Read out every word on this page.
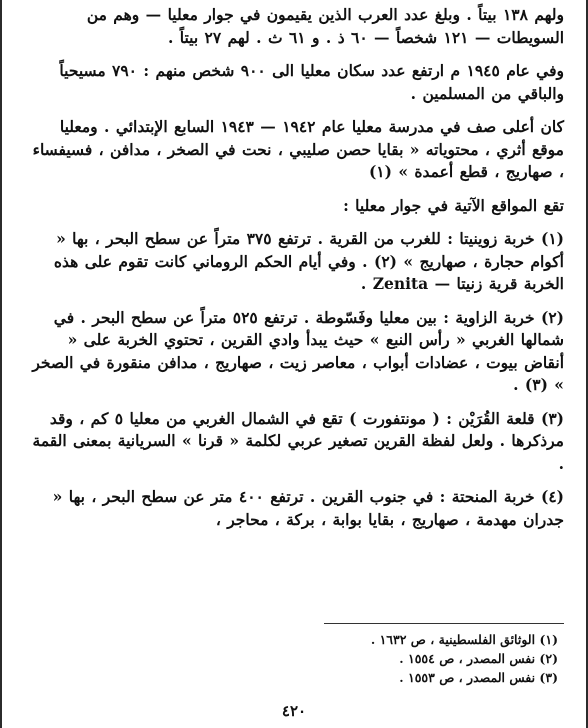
ولهم ١٣٨ بيتاً . وبلغ عدد العرب الذين يقيمون في جوار معليا — وهم من السويطات — ١٢١ شخصاً — ٦٠ ذ . و ٦١ ث . لهم ٢٧ بيتاً .

وفي عام ١٩٤٥ م ارتفع عدد سكان معليا الى ٩٠٠ شخص منهم : ٧٩٠ مسيحياً والباقي من المسلمين .

كان أعلى صف في مدرسة معليا عام ١٩٤٢ — ١٩٤٣ السابع الإبتدائي . ومعليا موقع أثري ، محتوياته « بقايا حصن صليبي ، نحت في الصخر ، مدافن ، فسيفساء ، صهاريج ، قطع أعمدة » (١)

تقع المواقع الآتية في جوار معليا :

(١) خربة زوينيتا : للغرب من القرية . ترتفع ٣٧٥ متراً عن سطح البحر ، بها « أكوام حجارة ، صهاريج » (٢) . وفي أيام الحكم الروماني كانت تقوم على هذه الخربة قرية زنيتا — Zenita .

(٢) خربة الزاوية : بين معليا وفَسّوطة . ترتفع ٥٢٥ متراً عن سطح البحر . في شمالها الغربي « رأس النبع » حيث يبدأ وادي القرين ، تحتوي الخربة على « أنقاض بيوت ، عضادات أبواب ، معاصر زيت ، صهاريج ، مدافن منقورة في الصخر » (٣) .

(٣) قلعة القُرَيْن : ( مونتفورت ) تقع في الشمال الغربي من معليا ٥ كم ، وقد مرذكرها . ولعل لفظة القرين تصغير عربي لكلمة « قرنا » السريانية بمعنى القمة .

(٤) خربة المنحتة : في جنوب القرين . ترتفع ٤٠٠ متر عن سطح البحر ، بها « جدران مهدمة ، صهاريج ، بقايا بوابة ، بركة ، محاجر ،

(١) الوثائق الفلسطينية ، ص ١٦٣٢ .
(٢) نفس المصدر ، ص ١٥٥٤ .
(٣) نفس المصدر ، ص ١٥٥٣ .
٤٢٠
